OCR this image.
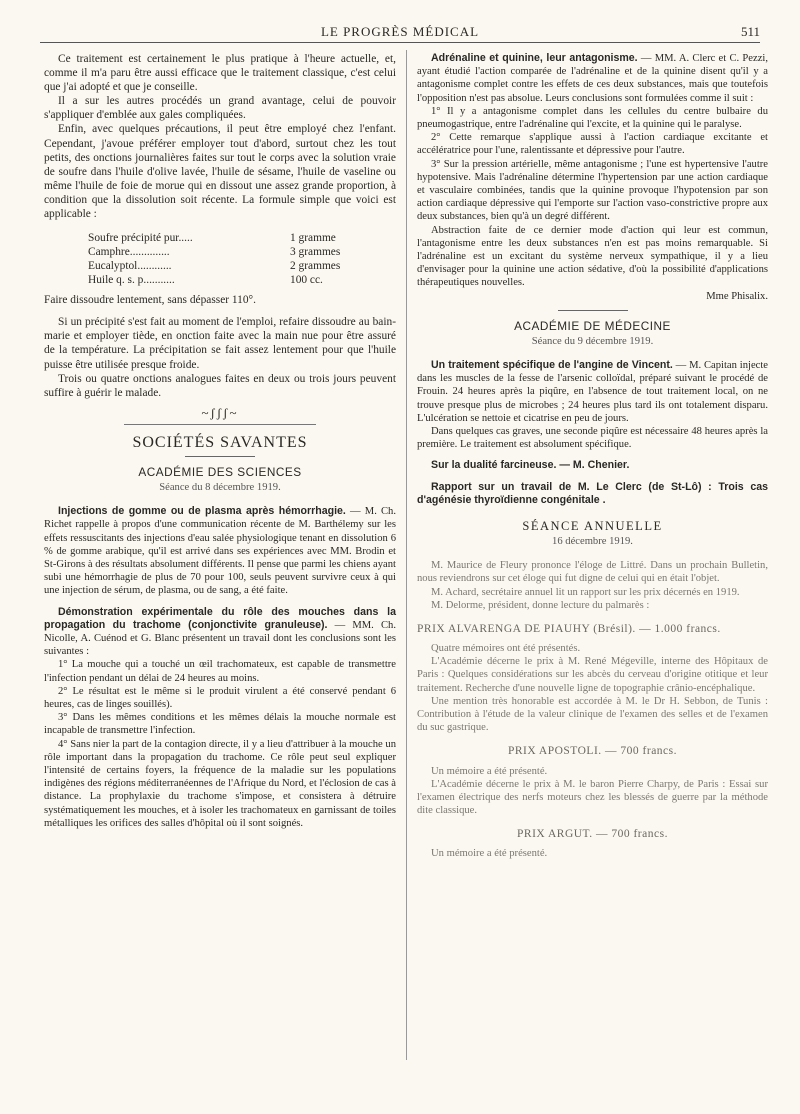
LE PROGRÈS MÉDICAL	511

Ce traitement est certainement le plus pratique à l'heure actuelle, et, comme il m'a paru être aussi efficace que le traitement classique, c'est celui que j'ai adopté et que je conseille.

Il a sur les autres procédés un grand avantage, celui de pouvoir s'appliquer d'emblée aux gales compliquées.

Enfin, avec quelques précautions, il peut être employé chez l'enfant. Cependant, j'avoue préférer employer tout d'abord, surtout chez les tout petits, des onctions journalières faites sur tout le corps avec la solution vraie de soufre dans l'huile d'olive lavée, l'huile de sésame, l'huile de vaseline ou même l'huile de foie de morue qui en dissout une assez grande proportion, à condition que la dissolution soit récente. La formule simple que voici est applicable :

Soufre précipité pur.....	1 gramme
Camphre..............	3 grammes
Eucalyptol............	2 grammes
Huile q. s. p...........	100 cc.

Faire dissoudre lentement, sans dépasser 110°.

Si un précipité s'est fait au moment de l'emploi, refaire dissoudre au bain-marie et employer tiède, en onction faite avec la main nue pour être assuré de la température. La précipitation se fait assez lentement pour que l'huile puisse être utilisée presque froide.

Trois ou quatre onctions analogues faites en deux ou trois jours peuvent suffire à guérir le malade.

~ʃʃʃ~
SOCIÉTÉS SAVANTES
ACADÉMIE DES SCIENCES
Séance du 8 décembre 1919.

Injections de gomme ou de plasma après hémorrhagie. — M. Ch. Richet rappelle à propos d'une communication récente de M. Barthélemy sur les effets ressuscitants des injections d'eau salée physiologique tenant en dissolution 6 % de gomme arabique, qu'il est arrivé dans ses expériences avec MM. Brodin et St-Girons à des résultats absolument différents. Il pense que parmi les chiens ayant subi une hémorrhagie de plus de 70 pour 100, seuls peuvent survivre ceux à qui une injection de sérum, de plasma, ou de sang, a été faite.

Démonstration expérimentale du rôle des mouches dans la propagation du trachome (conjonctivite granuleuse). — MM. Ch. Nicolle, A. Cuénod et G. Blanc présentent un travail dont les conclusions sont les suivantes :

1° La mouche qui a touché un œil trachomateux, est capable de transmettre l'infection pendant un délai de 24 heures au moins.

2° Le résultat est le même si le produit virulent a été conservé pendant 6 heures, cas de linges souillés).

3° Dans les mêmes conditions et les mêmes délais la mouche normale est incapable de transmettre l'infection.

4° Sans nier la part de la contagion directe, il y a lieu d'attribuer à la mouche un rôle important dans la propagation du trachome. Ce rôle peut seul expliquer l'intensité de certains foyers, la fréquence de la maladie sur les populations indigènes des régions méditerranéennes de l'Afrique du Nord, et l'éclosion de cas à distance. La prophylaxie du trachome s'impose, et consistera à détruire systématiquement les mouches, et à isoler les trachomateux en garnissant de toiles métalliques les orifices des salles d'hôpital où il sont soignés.

Adrénaline et quinine, leur antagonisme. — MM. A. Clerc et C. Pezzi, ayant étudié l'action comparée de l'adrénaline et de la quinine disent qu'il y a antagonisme complet contre les effets de ces deux substances, mais que toutefois l'opposition n'est pas absolue. Leurs conclusions sont formulées comme il suit :

1° Il y a antagonisme complet dans les cellules du centre bulbaire du pneumogastrique, entre l'adrénaline qui l'excite, et la quinine qui le paralyse.

2° Cette remarque s'applique aussi à l'action cardiaque excitante et accélératrice pour l'une, ralentissante et dépressive pour l'autre.

3° Sur la pression artérielle, même antagonisme ; l'une est hypertensive l'autre hypotensive. Mais l'adrénaline détermine l'hypertension par une action cardiaque et vasculaire combinées, tandis que la quinine provoque l'hypotension par son action cardiaque dépressive qui l'emporte sur l'action vaso-constrictive propre aux deux substances, bien qu'à un degré différent.

Abstraction faite de ce dernier mode d'action qui leur est commun, l'antagonisme entre les deux substances n'en est pas moins remarquable. Si l'adrénaline est un excitant du système nerveux sympathique, il y a lieu d'envisager pour la quinine une action sédative, d'où la possibilité d'applications thérapeutiques nouvelles.

Mme Phisalix.
ACADÉMIE DE MÉDECINE
Séance du 9 décembre 1919.

Un traitement spécifique de l'angine de Vincent. — M. Capitan injecte dans les muscles de la fesse de l'arsenic colloïdal, préparé suivant le procédé de Frouin. 24 heures après la piqûre, en l'absence de tout traitement local, on ne trouve presque plus de microbes ; 24 heures plus tard ils ont totalement disparu. L'ulcération se nettoie et cicatrise en peu de jours.

Dans quelques cas graves, une seconde piqûre est nécessaire 48 heures après la première. Le traitement est absolument spécifique.

Sur la dualité farcineuse. — M. Chenier.

Rapport sur un travail de M. Le Clerc (de St-Lô) : Trois cas d'agénésie thyroïdienne congénitale .

SÉANCE ANNUELLE
16 décembre 1919.

M. Maurice de Fleury prononce l'éloge de Littré. Dans un prochain Bulletin, nous reviendrons sur cet éloge qui fut digne de celui qui en était l'objet.

M. Achard, secrétaire annuel lit un rapport sur les prix décernés en 1919.

M. Delorme, président, donne lecture du palmarès :

PRIX ALVARENGA DE PIAUHY (Brésil). — 1.000 francs.

Quatre mémoires ont été présentés.

L'Académie décerne le prix à M. René Mégeville, interne des Hôpitaux de Paris : Quelques considérations sur les abcès du cerveau d'origine otitique et leur traitement. Recherche d'une nouvelle ligne de topographie crânio-encéphalique.

Une mention très honorable est accordée à M. le Dr H. Sebbon, de Tunis : Contribution à l'étude de la valeur clinique de l'examen des selles et de l'examen du suc gastrique.

PRIX APOSTOLI. — 700 francs.

Un mémoire a été présenté.

L'Académie décerne le prix à M. le baron Pierre Charpy, de Paris : Essai sur l'examen électrique des nerfs moteurs chez les blessés de guerre par la méthode dite classique.

PRIX ARGUT. — 700 francs.

Un mémoire a été présenté.
